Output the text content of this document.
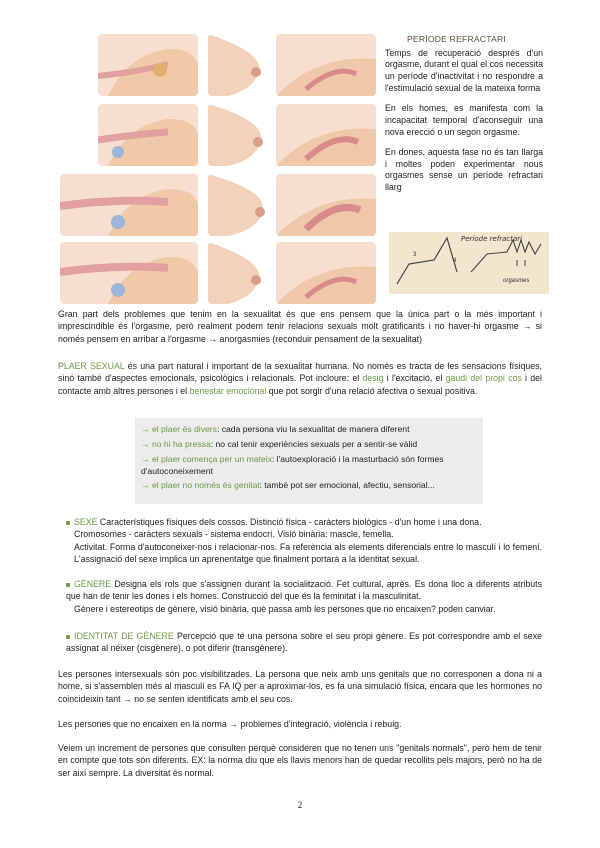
PERÍODE REFRACTARI

Temps de recuperació després d'un orgasme, durant el qual el cos necessita un període d'inactivitat i no respondre a l'estimulació sexual de la mateixa forma

En els homes, es manifesta com la incapacitat temporal d'aconseguir una nova erecció o un segon orgasme.

En dones, aquesta fase no és tan llarga i moltes poden experimentar nous orgasmes sense un període refractari llarg

Període refractari
orgasmes
3
4
Gran part dels problemes que tenim en la sexualitat és que ens pensem que la única part o la més important i imprescindible és l'orgasme, però realment podem tenir relacions sexuals molt gratificants i no haver-hi orgasme → si només pensem en arribar a l'orgasme → anorgasmies (reconduir pensament de la sexualitat)
PLAER SEXUAL és una part natural i important de la sexualitat humana. No només es tracta de les sensacions físiques, sinó també d'aspectes emocionals, psicològics i relacionals. Pot incloure: el desig i l'excitació, el gaudi del propi cos i del contacte amb altres persones i el benestar emocional que pot sorgir d'una relació afectiva o sexual positiva.
→ el plaer és divers: cada persona viu la sexualitat de manera diferent
→ no hi ha pressa: no cal tenir experiències sexuals per a sentir-se vàlid
→ el plaer comença per un mateix: l'autoexploració i la masturbació són formes d'autoconeixement
→ el plaer no només és genital: també pot ser emocional, afectiu, sensorial...
SEXE Característiques físiques dels cossos. Distinció física - caràcters biològics - d'un home i una dona.
Cromosomes - caràcters sexuals - sistema endocrí. Visió binària: mascle, femella.
Activitat. Forma d'autoconeixer-nos i relacionar-nos. Fa referència als elements diferencials entre lo masculí i lo femení. L'assignació del sexe implica un aprenentatge que finalment portarà a la identitat sexual.
GÈNERE Designa els rols que s'assignen durant la socialització. Fet cultural, après. Es dona lloc a diferents atributs que han de tenir les dones i els homes. Construcció del que és la feminitat i la masculinitat.
Gènere i estereotips de gènere, visió binària, què passa amb les persones que no encaixen? poden canviar.
IDENTITAT DE GÈNERE Percepció que té una persona sobre el seu propi gènere. Es pot correspondre amb el sexe assignat al néixer (cisgènere), o pot diferir (transgènere).
Les persones intersexuals són poc visibilitzades. La persona que neix amb uns genitals que no corresponen a dona ni a home, si s'assemblen més al masculí es FA IQ per a aproximar-los, es fa una simulació física, encara que les hormones no coincideixin tant → no se senten identificats amb el seu cos.
Les persones que no encaixen en la norma → problemes d'integració, violència i rebuig.
Veiem un increment de persones que consulten perquè consideren que no tenen uns "genitals normals", però hem de tenir en compte que tots són diferents. EX: la norma diu que els llavis menors han de quedar recollits pels majors, però no ha de ser així sempre. La diversitat és normal.
2
